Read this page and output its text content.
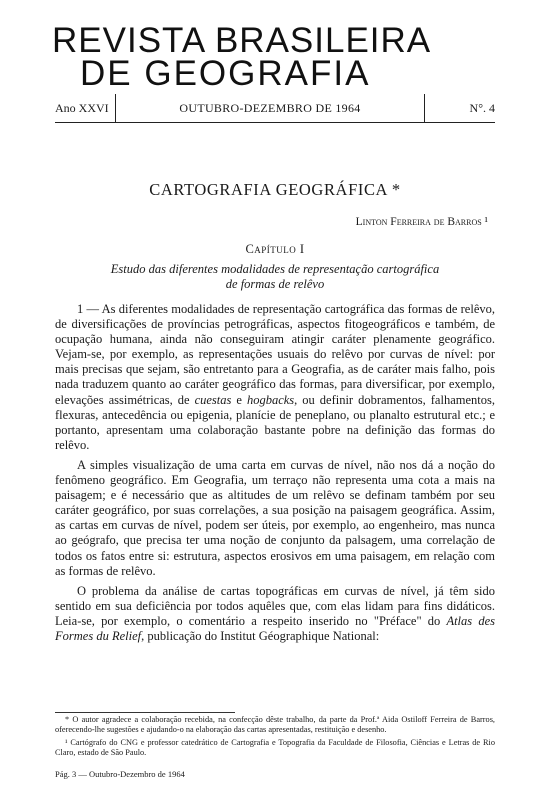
REVISTA BRASILEIRA
DE GEOGRAFIA
Ano XXVI	OUTUBRO-DEZEMBRO DE 1964	N°. 4
CARTOGRAFIA GEOGRÁFICA *
Linton Ferreira de Barros ¹
Capítulo I
Estudo das diferentes modalidades de representação cartográfica
de formas de relêvo

1 — As diferentes modalidades de representação cartográfica das formas de relêvo, de diversificações de províncias petrográficas, aspectos fitogeográficos e também, de ocupação humana, ainda não conseguiram atingir caráter plenamente geográfico. Vejam-se, por exemplo, as representações usuais do relêvo por curvas de nível: por mais precisas que sejam, são entretanto para a Geografia, as de caráter mais falho, pois nada traduzem quanto ao caráter geográfico das formas, para diversificar, por exemplo, elevações assimétricas, de cuestas e hogbacks, ou definir dobramentos, falhamentos, flexuras, antecedência ou epigenia, planície de peneplano, ou planalto estrutural etc.; e portanto, apresentam uma colaboração bastante pobre na definição das formas do relêvo.

A simples visualização de uma carta em curvas de nível, não nos dá a noção do fenômeno geográfico. Em Geografia, um terraço não representa uma cota a mais na paisagem; e é necessário que as altitudes de um relêvo se definam também por seu caráter geográfico, por suas correlações, a sua posição na paisagem geográfica. Assim, as cartas em curvas de nível, podem ser úteis, por exemplo, ao engenheiro, mas nunca ao geógrafo, que precisa ter uma noção de conjunto da palsagem, uma correlação de todos os fatos entre si: estrutura, aspectos erosivos em uma paisagem, em relação com as formas de relêvo.

O problema da análise de cartas topográficas em curvas de nível, já têm sido sentido em sua deficiência por todos aquêles que, com elas lidam para fins didáticos. Leia-se, por exemplo, o comentário a respeito inserido no "Préface" do Atlas des Formes du Relief, publicação do Institut Géographique National:

* O autor agradece a colaboração recebida, na confecção dêste trabalho, da parte da Prof.ª Aida Ostiloff Ferreira de Barros, oferecendo-lhe sugestões e ajudando-o na elaboração das cartas apresentadas, restituição e desenho.

¹ Cartógrafo do CNG e professor catedrático de Cartografia e Topografia da Faculdade de Filosofia, Ciências e Letras de Rio Claro, estado de São Paulo.

Pág. 3 — Outubro-Dezembro de 1964
